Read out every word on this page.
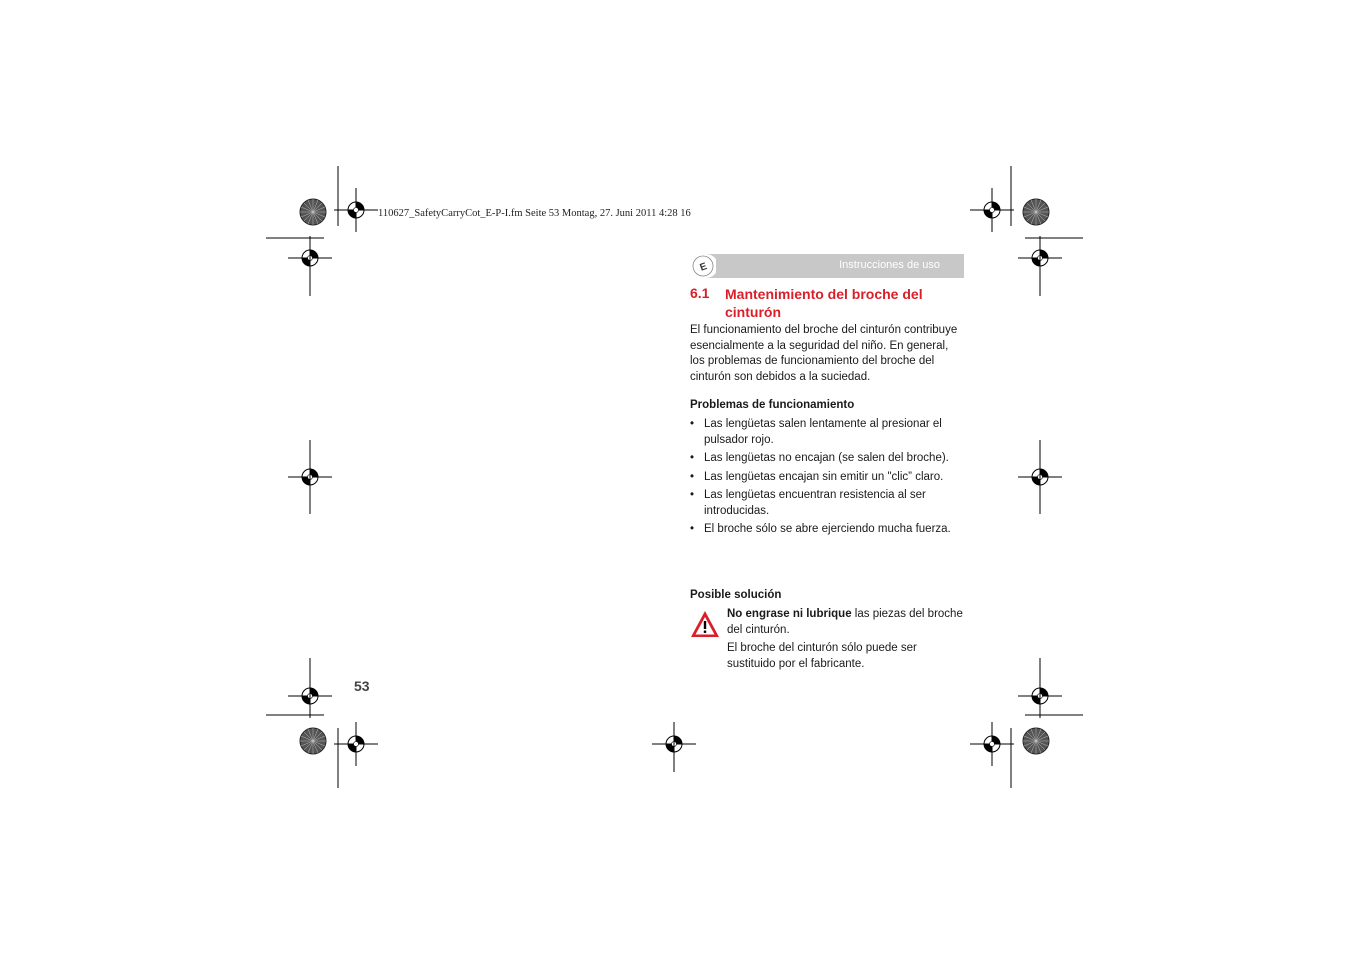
110627_SafetyCarryCot_E-P-I.fm Seite 53 Montag, 27. Juni 2011 4:28 16
E	Instrucciones de uso
6.1 Mantenimiento del broche del cinturón
El funcionamiento del broche del cinturón contribuye esencialmente a la seguridad del niño. En general, los problemas de funcionamiento del broche del cinturón son debidos a la suciedad.
Problemas de funcionamiento
• Las lengüetas salen lentamente al presionar el pulsador rojo.
• Las lengüetas no encajan (se salen del broche).
• Las lengüetas encajan sin emitir un "clic” claro.
• Las lengüetas encuentran resistencia al ser introducidas.
• El broche sólo se abre ejerciendo mucha fuerza.
Posible solución

No engrase ni lubrique las piezas del broche del cinturón.

El broche del cinturón sólo puede ser sustituido por el fabricante.

53
